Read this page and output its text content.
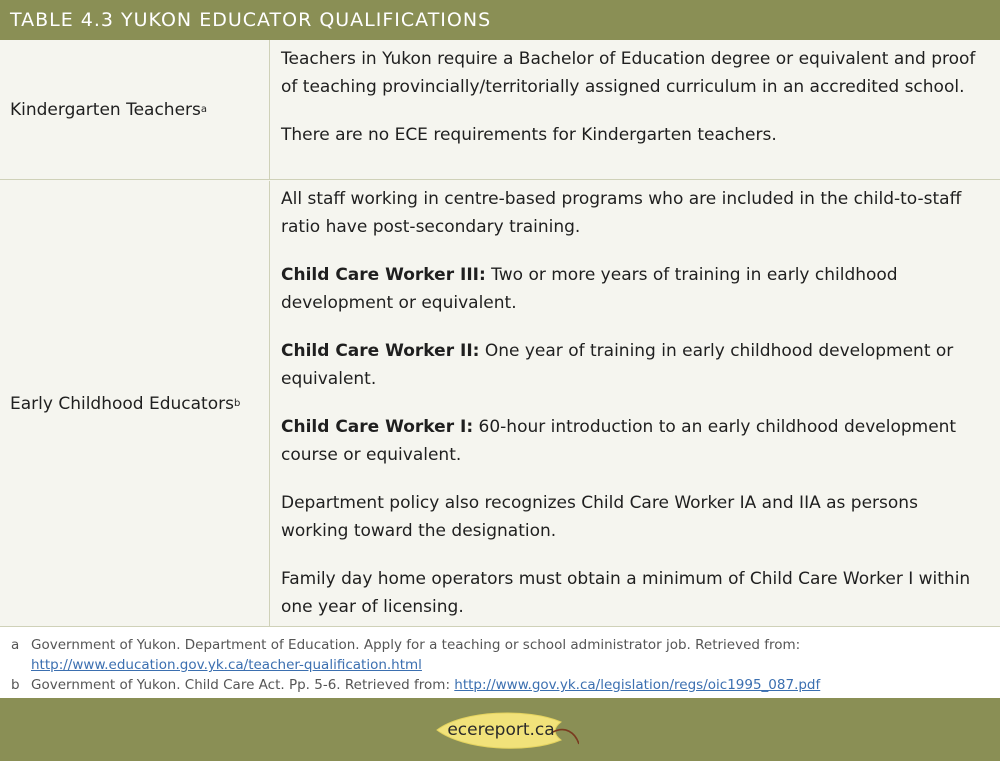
TABLE 4.3 YUKON EDUCATOR QUALIFICATIONS
Kindergarten Teachers a

Teachers in Yukon require a Bachelor of Education degree or equivalent and proof of teaching provincially/territorially assigned curriculum in an accredited school.

There are no ECE requirements for Kindergarten teachers.

Early Childhood Educators b

All staff working in centre-based programs who are included in the child-to-staff ratio have post-secondary training.

Child Care Worker III: Two or more years of training in early childhood development or equivalent.

Child Care Worker II: One year of training in early childhood development or equivalent.

Child Care Worker I: 60-hour introduction to an early childhood development course or equivalent.

Department policy also recognizes Child Care Worker IA and IIA as persons working toward the designation.

Family day home operators must obtain a minimum of Child Care Worker I within one year of licensing.

a Government of Yukon. Department of Education. Apply for a teaching or school administrator job. Retrieved from: http://www.education.gov.yk.ca/teacher-qualification.html
b Government of Yukon. Child Care Act. Pp. 5-6. Retrieved from: http://www.gov.yk.ca/legislation/regs/oic1995_087.pdf
ecereport.ca
